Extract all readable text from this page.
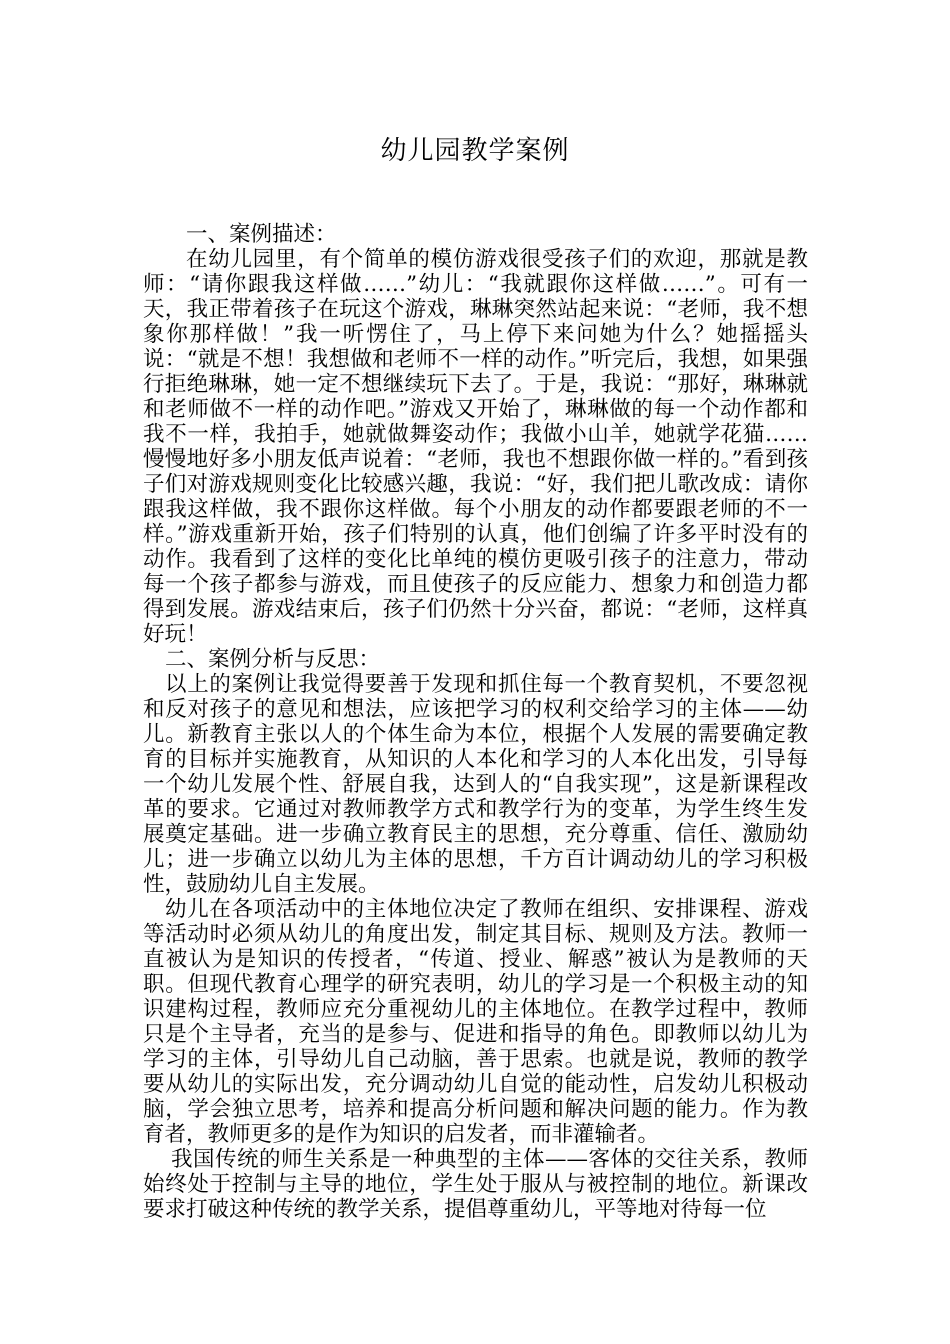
幼儿园教学案例

一、案例描述：

在幼儿园里，有个简单的模仿游戏很受孩子们的欢迎，那就是教师：“请你跟我这样做……”幼儿：“我就跟你这样做……”。可有一天，我正带着孩子在玩这个游戏，琳琳突然站起来说：“老师，我不想象你那样做！”我一听愣住了，马上停下来问她为什么？她摇摇头说：“就是不想！我想做和老师不一样的动作。”听完后，我想，如果强行拒绝琳琳，她一定不想继续玩下去了。于是，我说：“那好，琳琳就和老师做不一样的动作吧。”游戏又开始了，琳琳做的每一个动作都和我不一样，我拍手，她就做舞姿动作；我做小山羊，她就学花猫……慢慢地好多小朋友低声说着：“老师，我也不想跟你做一样的。”看到孩子们对游戏规则变化比较感兴趣，我说：“好，我们把儿歌改成：请你跟我这样做，我不跟你这样做。每个小朋友的动作都要跟老师的不一样。”游戏重新开始，孩子们特别的认真，他们创编了许多平时没有的动作。我看到了这样的变化比单纯的模仿更吸引孩子的注意力，带动每一个孩子都参与游戏，而且使孩子的反应能力、想象力和创造力都得到发展。游戏结束后，孩子们仍然十分兴奋，都说：“老师，这样真好玩！

二、案例分析与反思：

以上的案例让我觉得要善于发现和抓住每一个教育契机，不要忽视和反对孩子的意见和想法，应该把学习的权利交给学习的主体——幼儿。新教育主张以人的个体生命为本位，根据个人发展的需要确定教育的目标并实施教育，从知识的人本化和学习的人本化出发，引导每一个幼儿发展个性、舒展自我，达到人的“自我实现”，这是新课程改革的要求。它通过对教师教学方式和教学行为的变革，为学生终生发展奠定基础。进一步确立教育民主的思想，充分尊重、信任、激励幼儿；进一步确立以幼儿为主体的思想，千方百计调动幼儿的学习积极性，鼓励幼儿自主发展。

幼儿在各项活动中的主体地位决定了教师在组织、安排课程、游戏等活动时必须从幼儿的角度出发，制定其目标、规则及方法。教师一直被认为是知识的传授者，“传道、授业、解惑”被认为是教师的天职。但现代教育心理学的研究表明，幼儿的学习是一个积极主动的知识建构过程，教师应充分重视幼儿的主体地位。在教学过程中，教师只是个主导者，充当的是参与、促进和指导的角色。即教师以幼儿为学习的主体，引导幼儿自己动脑，善于思索。也就是说，教师的教学要从幼儿的实际出发，充分调动幼儿自觉的能动性，启发幼儿积极动脑，学会独立思考，培养和提高分析问题和解决问题的能力。作为教育者，教师更多的是作为知识的启发者，而非灌输者。

我国传统的师生关系是一种典型的主体——客体的交往关系，教师始终处于控制与主导的地位，学生处于服从与被控制的地位。新课改要求打破这种传统的教学关系，提倡尊重幼儿，平等地对待每一位
